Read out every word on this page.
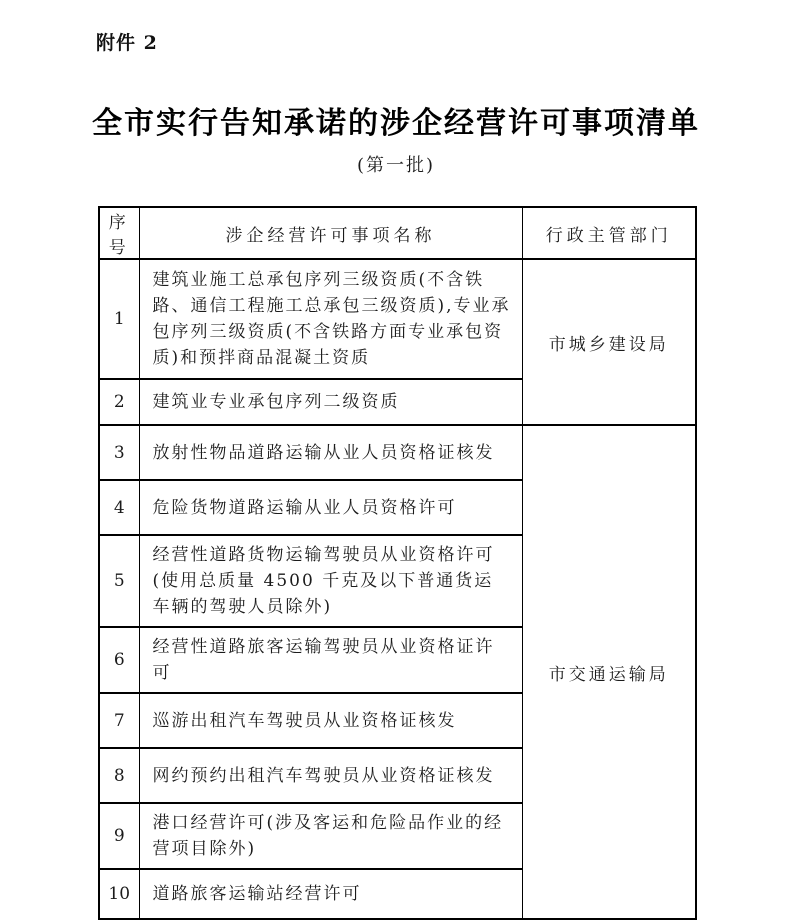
附件 2
全市实行告知承诺的涉企经营许可事项清单
(第一批)
序号	涉企经营许可事项名称	行政主管部门
1	建筑业施工总承包序列三级资质(不含铁路、通信工程施工总承包三级资质),专业承包序列三级资质(不含铁路方面专业承包资质)和预拌商品混凝土资质	市城乡建设局
2	建筑业专业承包序列二级资质	
3	放射性物品道路运输从业人员资格证核发	市交通运输局
4	危险货物道路运输从业人员资格许可	
5	经营性道路货物运输驾驶员从业资格许可(使用总质量 4500 千克及以下普通货运车辆的驾驶人员除外)	
6	经营性道路旅客运输驾驶员从业资格证许可	
7	巡游出租汽车驾驶员从业资格证核发	
8	网约预约出租汽车驾驶员从业资格证核发	
9	港口经营许可(涉及客运和危险品作业的经营项目除外)	
10	道路旅客运输站经营许可	
